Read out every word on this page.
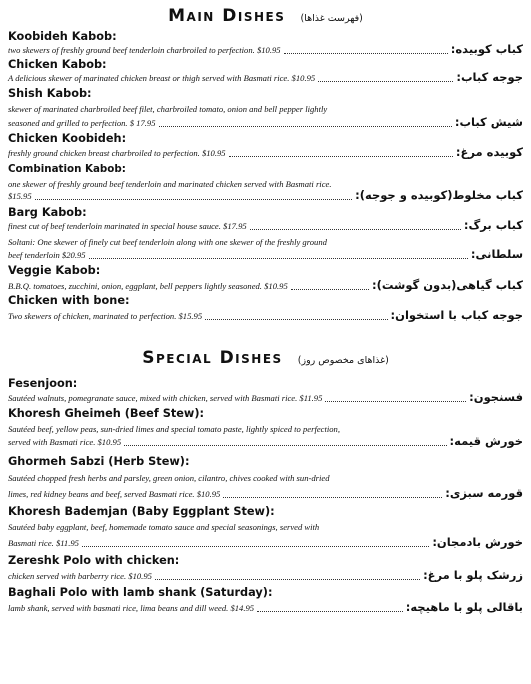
Main Dishes (فهرست غذاها)
Koobideh Kabob:
two skewers of freshly ground beef tenderloin charbroiled to perfection. $10.95	کباب کوبیده:
Chicken Kabob:
A delicious skewer of marinated chicken breast or thigh served with Basmati rice. $10.95	جوجه کباب:
Shish Kabob:
skewer of marinated charbroiled beef filet, charbroiled tomato, onion and bell pepper lightly
seasoned and grilled to perfection. $ 17.95	شیش کباب:
Chicken Koobideh:
freshly ground chicken breast charbroiled to perfection. $10.95	کوبیده مرغ:
Combination Kabob:
one skewer of freshly ground beef tenderloin and marinated chicken served with Basmati rice.
$15.95	کباب مخلوط(کوبیده و جوجه):
Barg Kabob:
finest cut of beef tenderloin marinated in special house sauce. $17.95	کباب برگ:
Soltani: One skewer of finely cut beef tenderloin along with one skewer of the freshly ground
beef tenderloin $20.95	سلطانی:
Veggie Kabob:
B.B.Q. tomatoes, zucchini, onion, eggplant, bell peppers lightly seasoned. $10.95	کباب گیاهی(بدون گوشت):
Chicken with bone:
Two skewers of chicken, marinated to perfection. $15.95	جوجه کباب با استخوان:
Special Dishes (غذاهای مخصوص روز)
Fesenjoon:
Sautéed walnuts, pomegranate sauce, mixed with chicken, served with Basmati rice. $11.95	فسنجون:
Khoresh Gheimeh (Beef Stew):
Sautéed beef, yellow peas, sun-dried limes and special tomato paste, lightly spiced to perfection,
served with Basmati rice. $10.95	خورش قیمه:
Ghormeh Sabzi (Herb Stew):
Sautéed chopped fresh herbs and parsley, green onion, cilantro, chives cooked with sun-dried
limes, red kidney beans and beef, served Basmati rice. $10.95	قورمه سبزی:
Khoresh Bademjan (Baby Eggplant Stew):
Sautéed baby eggplant, beef, homemade tomato sauce and special seasonings, served with
Basmati rice. $11.95	خورش بادمجان:
Zereshk Polo with chicken:
chicken served with barberry rice. $10.95	زرشک پلو با مرغ:
Baghali Polo with lamb shank (Saturday):
lamb shank, served with basmati rice, lima beans and dill weed. $14.95	باقالی پلو با ماهیچه:
